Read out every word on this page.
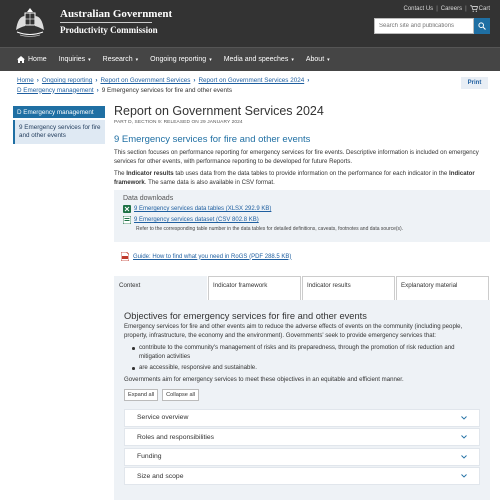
Australian Government
Productivity Commission
Contact Us | Careers |	Cart
Search site and publications
Home Inquiries ▾ Research ▾ Ongoing reporting ▾ Media and speeches ▾ About ▾
Home › Ongoing reporting › Report on Government Services › Report on Government Services 2024 ›
D Emergency management › 9 Emergency services for fire and other events
Print
D Emergency management
9 Emergency services for fire and other events
Report on Government Services 2024
PART D, SECTION 9: RELEASED ON 29 JANUARY 2024
9 Emergency services for fire and other events
This section focuses on performance reporting for emergency services for fire events. Descriptive information is included on emergency services for other events, with performance reporting to be developed for future Reports.
The Indicator results tab uses data from the data tables to provide information on the performance for each indicator in the Indicator framework. The same data is also available in CSV format.
Data downloads
9 Emergency services data tables (XLSX 292.9 KB)
9 Emergency services dataset (CSV 802.8 KB)
Refer to the corresponding table number in the data tables for detailed definitions, caveats, footnotes and data source(s).
Guide: How to find what you need in RoGS (PDF 288.5 KB)
Context	Indicator framework	Indicator results	Explanatory material
Objectives for emergency services for fire and other events
Emergency services for fire and other events aim to reduce the adverse effects of events on the community (including people, property, infrastructure, the economy and the environment). Governments' seek to provide emergency services that:
contribute to the community's management of risks and its preparedness, through the promotion of risk reduction and mitigation activities
are accessible, responsive and sustainable.
Governments aim for emergency services to meet these objectives in an equitable and efficient manner.
Expand all	Collapse all
Service overview
Roles and responsibilities
Funding
Size and scope
